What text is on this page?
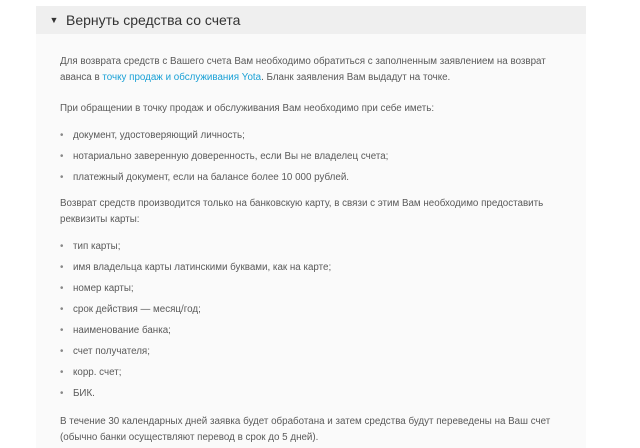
▼ Вернуть средства со счета

Для возврата средств с Вашего счета Вам необходимо обратиться с заполненным заявлением на возврат аванса в точку продаж и обслуживания Yota. Бланк заявления Вам выдадут на точке.

При обращении в точку продаж и обслуживания Вам необходимо при себе иметь:

• документ, удостоверяющий личность;
• нотариально заверенную доверенность, если Вы не владелец счета;
• платежный документ, если на балансе более 10 000 рублей.

Возврат средств производится только на банковскую карту, в связи с этим Вам необходимо предоставить реквизиты карты:

• тип карты;
• имя владельца карты латинскими буквами, как на карте;
• номер карты;
• срок действия — месяц/год;
• наименование банка;
• счет получателя;
• корр. счет;
• БИК.

В течение 30 календарных дней заявка будет обработана и затем средства будут переведены на Ваш счет (обычно банки осуществляют перевод в срок до 5 дней).
